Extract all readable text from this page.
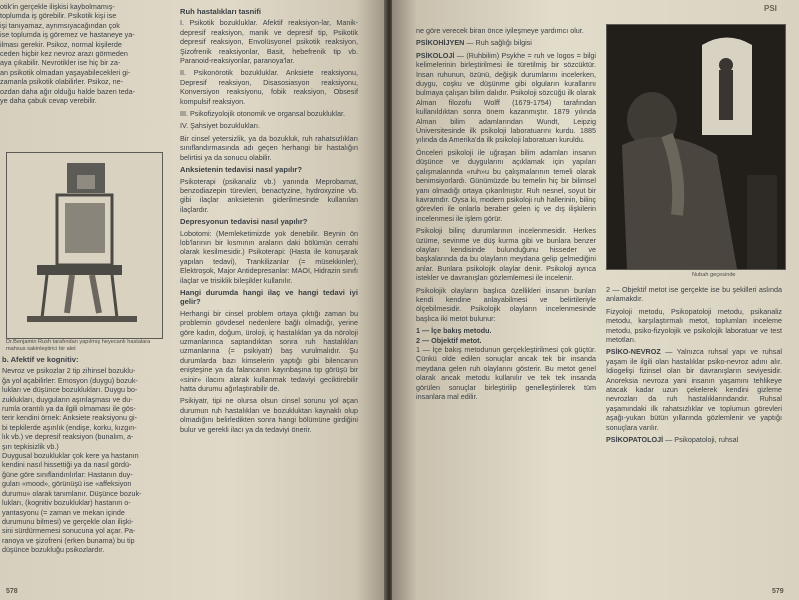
otik'in gerçekle ilişkisi kaybolmamış-
toplumda iş görebilir. Psikotik kişi ise
işi tanıyamaz, ayrımsıyacağından çok
ise toplumda iş göremez ve hastaneye ya-
ilması gerekir. Psikoz, normal kişilerde
ceden hiçbir kez nevroz arazı görmeden
aya çıkabilir. Nevrotikler ise hiç bir za-
an psikotik olmadan yaşayabilecekleri gi-
zamanla psikotik olabilirler. Psikoz, ne-
ozdan daha ağır olduğu halde bazen teda-
ye daha çabuk cevap verebilir.
Dr.Benjamin Rush tarafından yapılmış heyecanlı hastalara mahsus sakinleştirici bir alet
b. Afektif ve kognitiv:
Nevroz ve psikozlar 2 tip zihinsel bozuklu-
ğa yol açabilirler: Emosyon (duygu) bozuk-
lukları ve düşünce bozuklukları. Duygu bo-
zuklukları, duyguların aşırılaşması ve du-
rumla orantılı ya da ilgili olmaması ile gös-
terir kendini örnek: Anksiete reaksiyonu gi-
bi tepkilerde aşırılık (endişe, korku, kızgın-
lık vb.) ve depresif reaksiyon (bunalım, a-
şırı tepkisizlik vb.)
Duygusal bozukluklar çok kere ya hastanın
kendini nasıl hissettiği ya da nasıl gördü-
ğüne göre sınıflandırılırlar: Hastanın duy-
guları «mood», görünüşü ise «affeksiyon
durumu» olarak tanımlanır. Düşünce bozuk-
lukları, (kognitiv bozukluklar) hastanın o-
yantasyonu (= zaman ve mekan içinde
durumunu bilmesi) ve gerçekle olan ilişki-
sini sürdürmemesi sonucuna yol açar. Pa-
ranoya ve şizofreni (erken bunama) bu tip
düşünce bozukluğu psikozlardır.
Ruh hastalıkları tasnifi

I. Psikotik bozukluklar. Afektif reaksiyon-lar, Manik-depresif reaksiyon, manik ve depresif tip, Psikotik depresif reaksiyon, Envolüsyonel psikotik reaksiyon, Şizofrenik reaksiyonlar, Basit, hebefrenik tip vb. Paranoid-reaksiyonlar, paranoya'lar.

II. Psikonörotik bozukluklar. Anksiete reaksiyonu, Depresif reaksiyon, Disasosiasyon reaksiyonu, Konversiyon reaksiyonu, fobik reaksiyon, Obsesif kompulsif reaksiyon.

III. Psikofizyolojik otonomik ve organsal bozukluklar.

IV. Şahsiyet bozuklukları.

Bir cinsel yetersizlik, ya da bozukluk, ruh rahatsızlıkları sınıflandırmasında adı geçen herhangi bir hastalığın belirtisi ya da sonucu olabilir.

Anksietenin tedavisi nasıl yapılır?

Psikoterapi (psikanaliz vb.) yanında Meprobamat, benzodiazepin türevleri, benactyzine, hydroxyzine vb. gibi ilaçlar anksietenin giderilmesinde kullanılan ilaçlardır.

Depresyonun tedavisi nasıl yapılır?

Lobotomi: (Memleketimizde yok denebilir. Beynin ön lob'larının bir kısmının araların daki bölümün cerrahi olarak kesilmesidir.) Psikoterapi: (Hasta ile konuşarak yapılan tedavi), Trankilizanlar (= müsekkinler), Elektroşok, Major Antidepresanlar: MAOI, Hidrazin sınıfı ilaçlar ve trisiklik bileşikler kullanılır.

Hangi durumda hangi ilaç ve hangi tedavi iyi gelir?

Herhangi bir cinsel problem ortaya çıktığı zaman bu problemin gövdesel nedenlere bağlı olmadığı, yerine göre kadın, doğum, üroloji, iç hastalıkları ya da nöroloji uzmanlarınca saptandıktan sonra ruh hastalıkları uzmanlarına (= psikiyatr) baş vurulmalıdır. Şu durumlarda bazı kimselerin yaptığı gibi bilencanın enişteşine ya da falancanın kayınbaşına tıp görüşü bir «sinir» ilacını alarak kullanmak tedaviyi geciktirebilir hatta durumu ağırlaştırabilir de.

Psikiyatr, tipi ne olursa olsun cinsel sorunu yol açan durumun ruh hastalıkları ve bozukluktan kaynaklı olup olmadığını belirledikten sonra hangi bölümüne girdiğini bulur ve gerekli ilacı ya da tedaviyi önerir.

578
PSI

ne göre verecek biran önce iyileşmeye yardımcı olur.

PSİKOHİJYEN — Ruh sağlığı bilgisi

PSİKOLOJİ — (Ruhbilim) Psykhe = ruh ve logos = bilgi kelimelerinin birleştirilmesi ile türetilmiş bir sözcüktür. İnsan ruhunun, özünü, değişik durumlarını incelerken, duygu, coşku ve düşünme gibi olguların kurallarını bulmaya çalışan bilim dalıdır. Psikoloji sözcüğü ilk olarak Alman filozofu Wolff (1679-1754) tarafından kullanıldıktan sonra önem kazanmıştır. 1879 yılında Alman bilim adamlarından Wundt, Leipzig Üniversitesinde ilk psikoloji laboratuarını kurdu. 1885 yılında da Amerika'da ilk psikoloji laboratuarı kuruldu.

Önceleri psikoloji ile uğraşan bilim adamları insanın düşünce ve duygularını açıklamak için yapıları çalışmalarında «ruh»u bu çalışmalarının temeli olarak benimsiyorlardı. Günümüzde bu temelin hiç bir bilimsel yanı olmadığı ortaya çıkarılmıştır. Ruh nesnel, soyut bir kavramdır. Oysa ki, modern psikoloji ruh hallerinin, bilinç görevleri ile onlarla beraber gelen iç ve dış ilişkilerin incelenmesi ile işlem görür.

Psikoloji bilinç durumlarının incelenmesidir. Herkes üzüme, sevinme ve düş kurma gibi ve bunlara benzer olayları kendisinde bulunduğunu hisseder ve başkalarında da bu olayların meydana gelip gelmediğini anlar. Bunlara psikolojik olaylar denir. Psikoloji ayrıca istekler ve davranışları gözlemlemesi ile incelenir.

Psikolojik olayların başlıca özellikleri insanın bunları kendi kendine anlayabilmesi ve belirtileriyle ölçebilmesidir. Psikolojik olayların incelenmesinde başlıca iki metot bulunur:

1 — İçe bakış metodu.
2 — Objektif metot.

1 — İçe bakış metodunun gerçekleştirilmesi çok güçtür. Çünkü olde edilen sonuçlar ancak tek bir insanda meydana gelen ruh olaylarını gösterir. Bu metot genel olarak ancak metodu kullanılır ve tek tek insanda görülen sonuçlar birleştirilip genelleştirilerek tüm insanlara mal edilir.

Nubah geçesinde

2 — Objektif metot ise gerçekte ise bu şekilleri aslında anlamakdır.

Fizyoloji metodu, Psikopatoloji metodu, psikanaliz metodu, karşılaştırmalı metot, toplumları inceleme metodu, psiko-fizyolojik ve psikolojik laboratuar ve test metotları.

PSİKO-NEVROZ — Yalnızca ruhsal yapı ve ruhsal yaşam ile ilgili olan hastalıklar psiko-nevroz adını alır. İdiogelişi fizinsel olan bir davranışların seviyesidir. Anoreksia nevroza yani insanın yaşamını tehlikeye atacak kadar uzun çekelerek kendini gizleme nevrozları da ruh hastalıklarındandır. Ruhsal yaşamındaki ilk rahatsızlıklar ve toplumun görevleri aşağı-yukarı bütün yıllarında gözlemlenir ve yaptığı sonuçlara varılır.

PSİKOPATOLOJİ — Psikopatoloji, ruhsal

579
